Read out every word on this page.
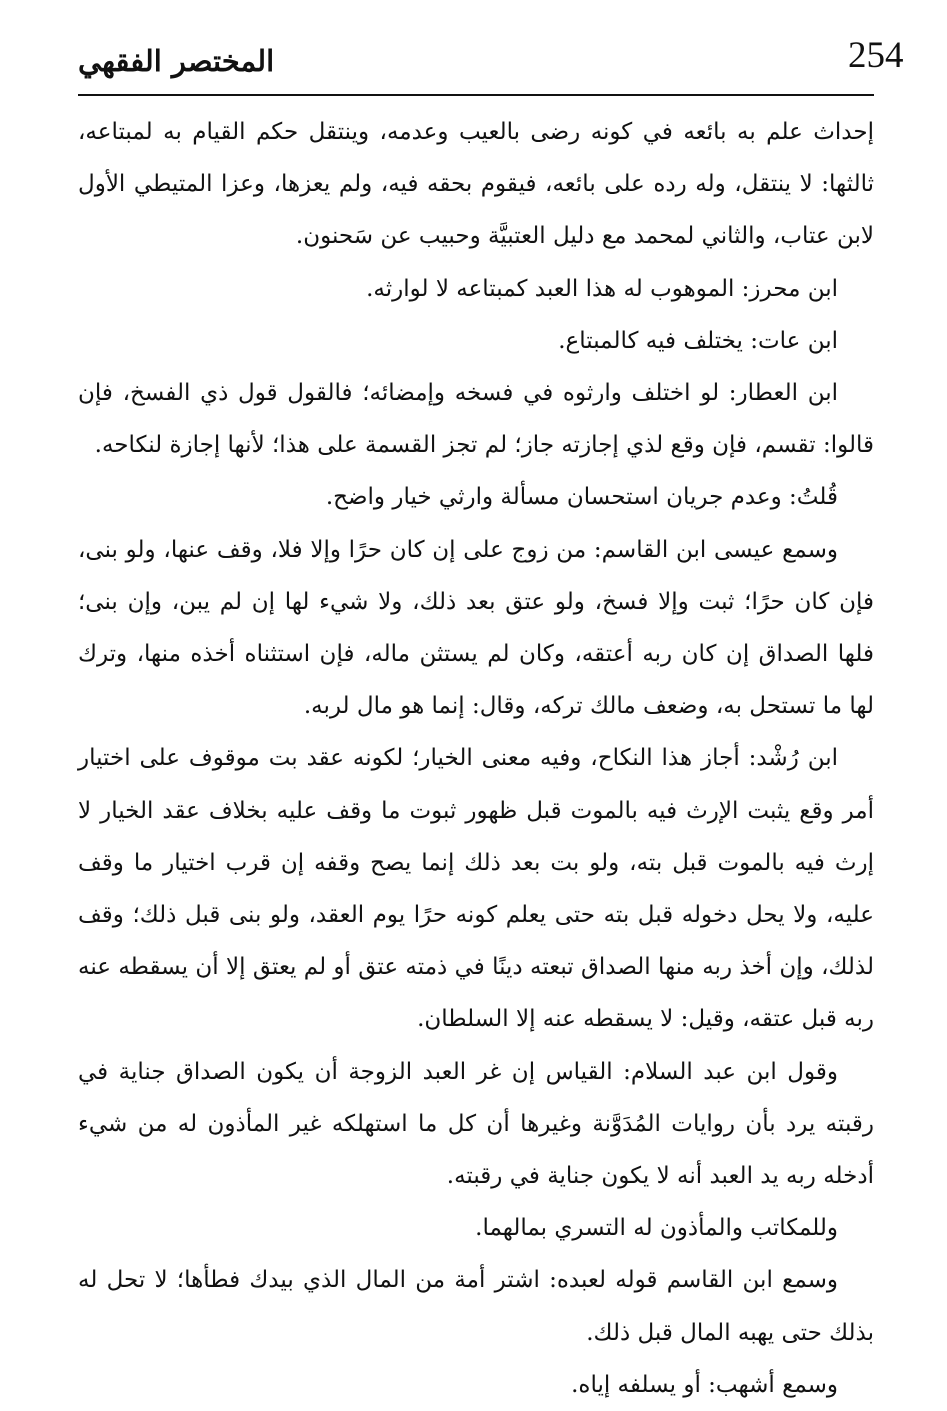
254
المختصر الفقهي

إحداث علم به بائعه في كونه رضى بالعيب وعدمه، وينتقل حكم القيام به لمبتاعه، ثالثها: لا ينتقل، وله رده على بائعه، فيقوم بحقه فيه، ولم يعزها، وعزا المتيطي الأول لابن عتاب، والثاني لمحمد مع دليل العتبيَّة وحبيب عن سَحنون.

ابن محرز: الموهوب له هذا العبد كمبتاعه لا لوارثه.

ابن عات: يختلف فيه كالمبتاع.

ابن العطار: لو اختلف وارثوه في فسخه وإمضائه؛ فالقول قول ذي الفسخ، فإن قالوا: تقسم، فإن وقع لذي إجازته جاز؛ لم تجز القسمة على هذا؛ لأنها إجازة لنكاحه.

قُلتُ: وعدم جريان استحسان مسألة وارثي خيار واضح.

وسمع عيسى ابن القاسم: من زوج على إن كان حرًا وإلا فلا، وقف عنها، ولو بنى، فإن كان حرًا؛ ثبت وإلا فسخ، ولو عتق بعد ذلك، ولا شيء لها إن لم يبن، وإن بنى؛ فلها الصداق إن كان ربه أعتقه، وكان لم يستثن ماله، فإن استثناه أخذه منها، وترك لها ما تستحل به، وضعف مالك تركه، وقال: إنما هو مال لربه.

ابن رُشْد: أجاز هذا النكاح، وفيه معنى الخيار؛ لكونه عقد بت موقوف على اختيار أمر وقع يثبت الإرث فيه بالموت قبل ظهور ثبوت ما وقف عليه بخلاف عقد الخيار لا إرث فيه بالموت قبل بته، ولو بت بعد ذلك إنما يصح وقفه إن قرب اختيار ما وقف عليه، ولا يحل دخوله قبل بته حتى يعلم كونه حرًا يوم العقد، ولو بنى قبل ذلك؛ وقف لذلك، وإن أخذ ربه منها الصداق تبعته دينًا في ذمته عتق أو لم يعتق إلا أن يسقطه عنه ربه قبل عتقه، وقيل: لا يسقطه عنه إلا السلطان.

وقول ابن عبد السلام: القياس إن غر العبد الزوجة أن يكون الصداق جناية في رقبته يرد بأن روايات المُدَوَّنة وغيرها أن كل ما استهلكه غير المأذون له من شيء أدخله ربه يد العبد أنه لا يكون جناية في رقبته.

وللمكاتب والمأذون له التسري بمالهما.

وسمع ابن القاسم قوله لعبده: اشتر أمة من المال الذي بيدك فطأها؛ لا تحل له بذلك حتى يهبه المال قبل ذلك.

وسمع أشهب: أو يسلفه إياه.
